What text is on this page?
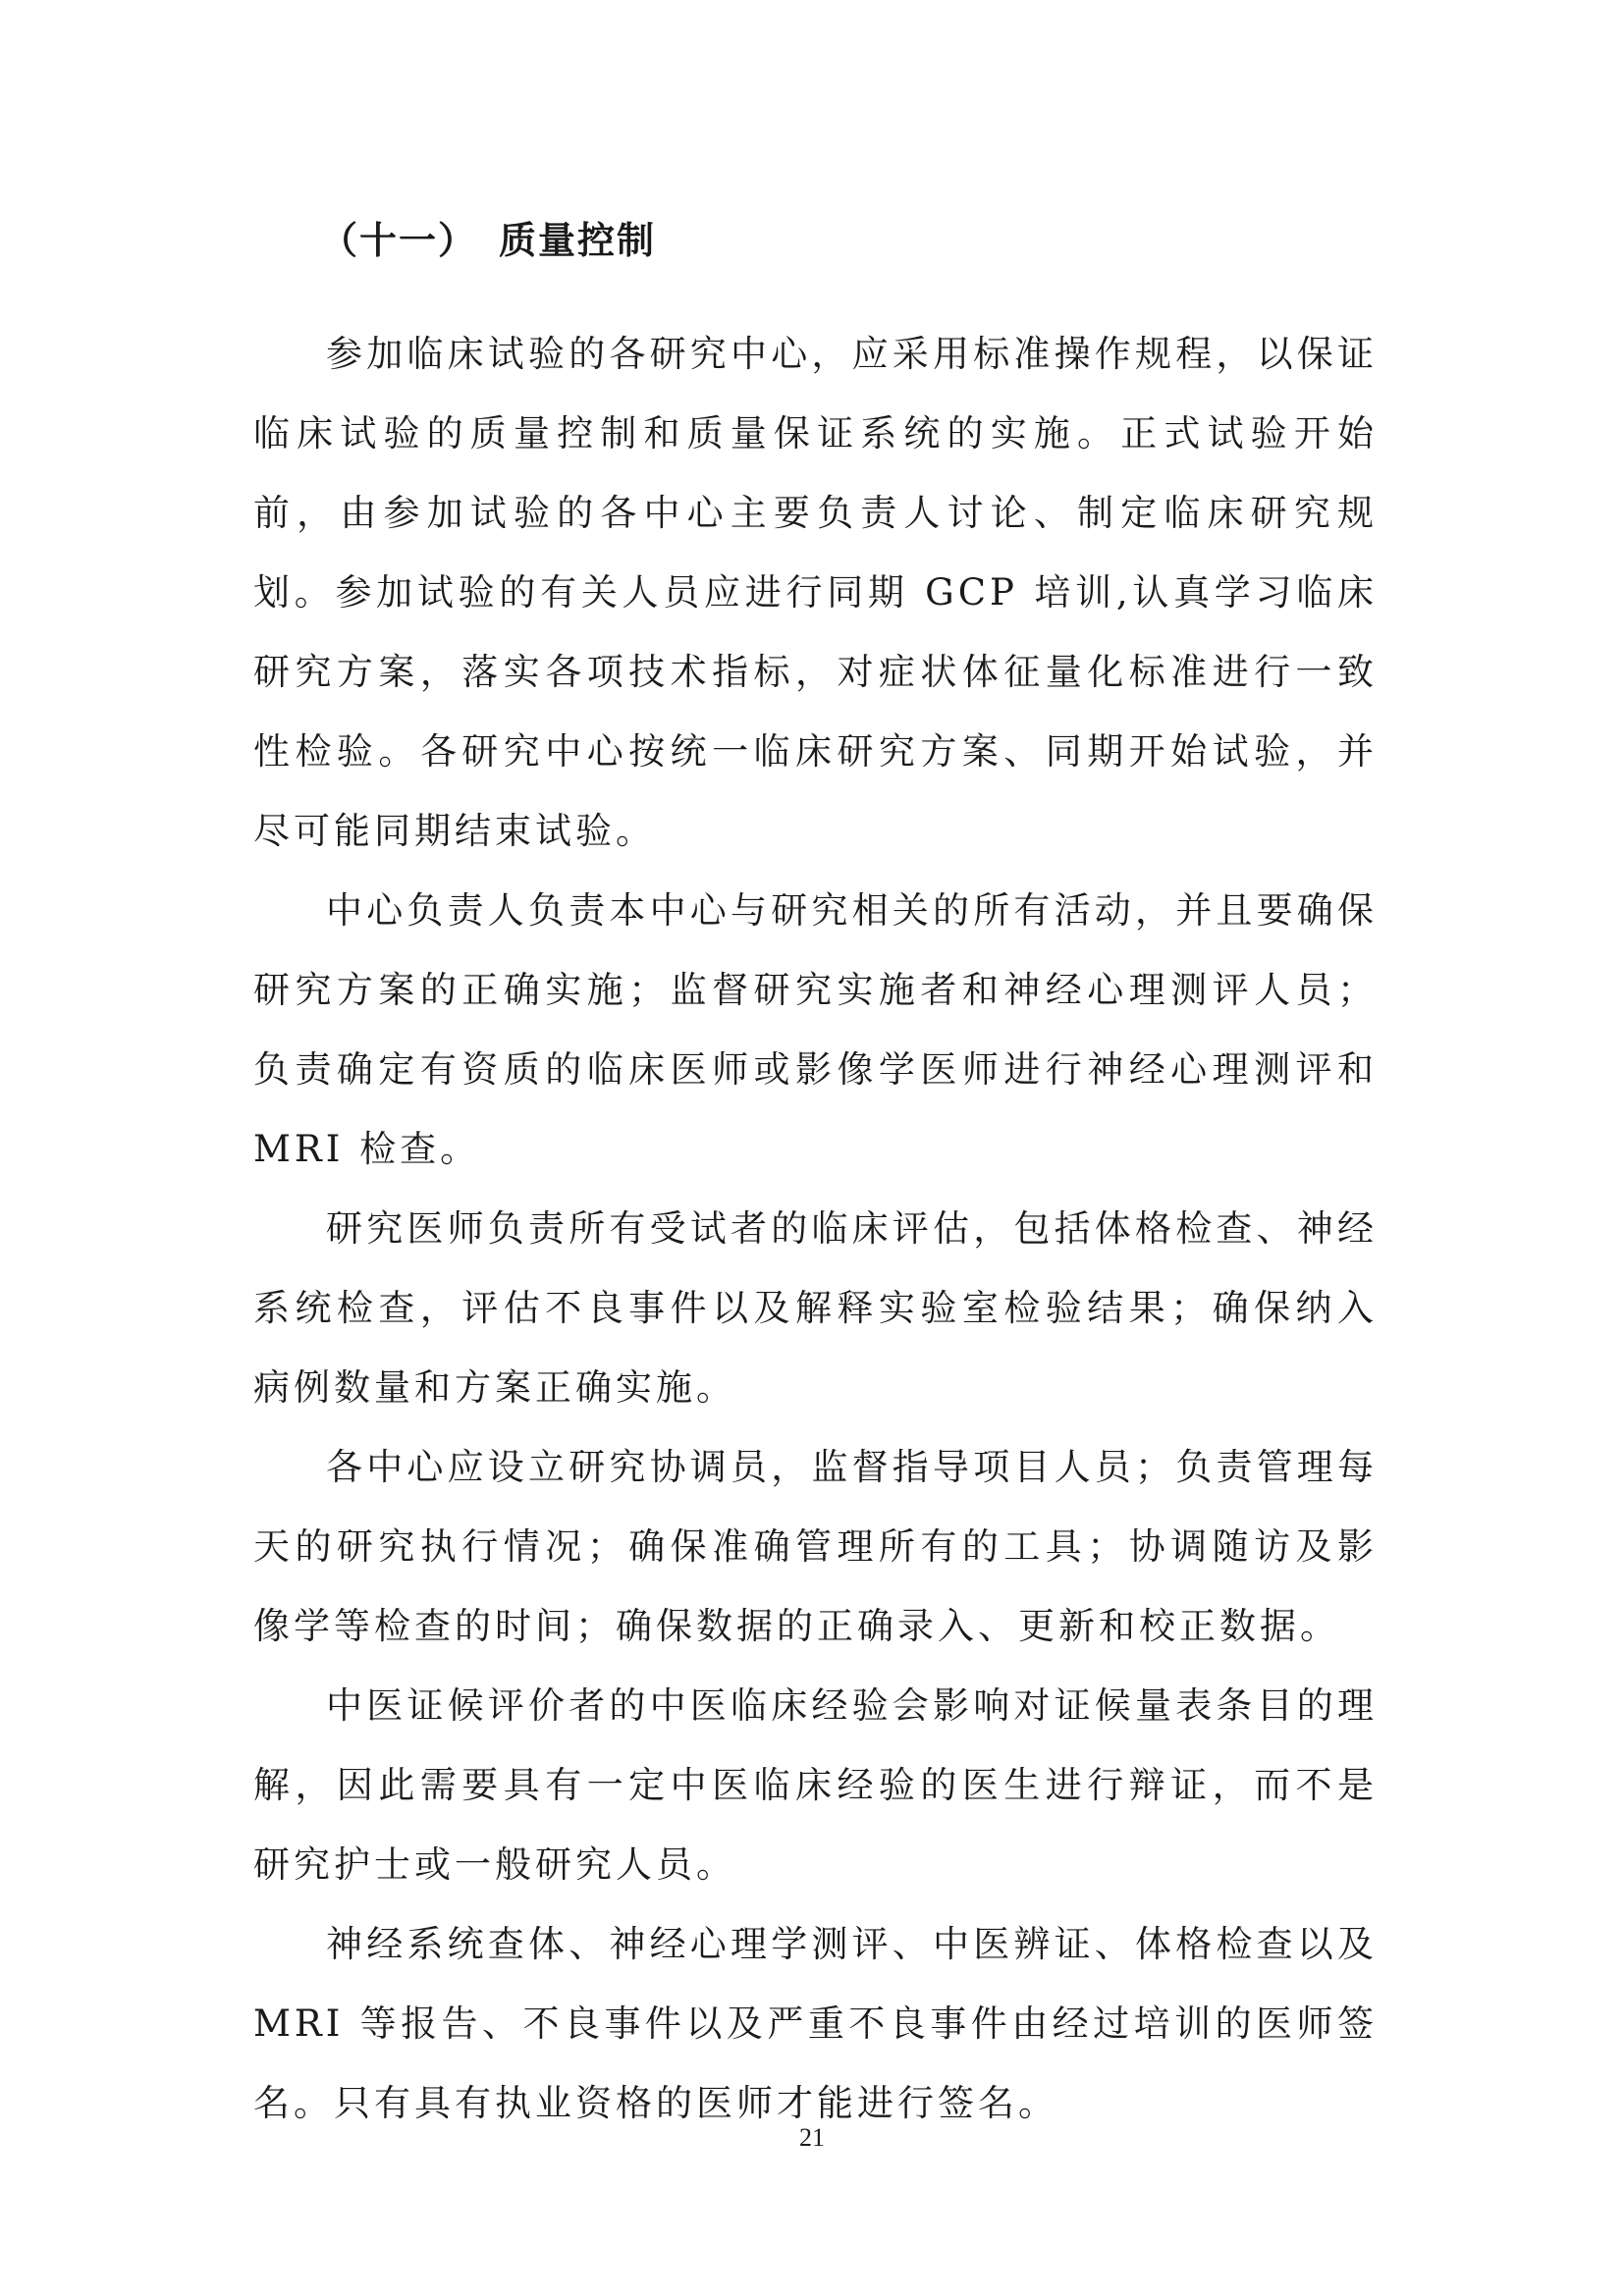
（十一） 质量控制

参加临床试验的各研究中心，应采用标准操作规程，以保证临床试验的质量控制和质量保证系统的实施。正式试验开始前，由参加试验的各中心主要负责人讨论、制定临床研究规划。参加试验的有关人员应进行同期 GCP 培训,认真学习临床研究方案，落实各项技术指标，对症状体征量化标准进行一致性检验。各研究中心按统一临床研究方案、同期开始试验，并尽可能同期结束试验。

中心负责人负责本中心与研究相关的所有活动，并且要确保研究方案的正确实施；监督研究实施者和神经心理测评人员；负责确定有资质的临床医师或影像学医师进行神经心理测评和 MRI 检查。

研究医师负责所有受试者的临床评估，包括体格检查、神经系统检查，评估不良事件以及解释实验室检验结果；确保纳入病例数量和方案正确实施。

各中心应设立研究协调员，监督指导项目人员；负责管理每天的研究执行情况；确保准确管理所有的工具；协调随访及影像学等检查的时间；确保数据的正确录入、更新和校正数据。

中医证候评价者的中医临床经验会影响对证候量表条目的理解，因此需要具有一定中医临床经验的医生进行辩证，而不是研究护士或一般研究人员。

神经系统查体、神经心理学测评、中医辨证、体格检查以及 MRI 等报告、不良事件以及严重不良事件由经过培训的医师签名。只有具有执业资格的医师才能进行签名。

21
